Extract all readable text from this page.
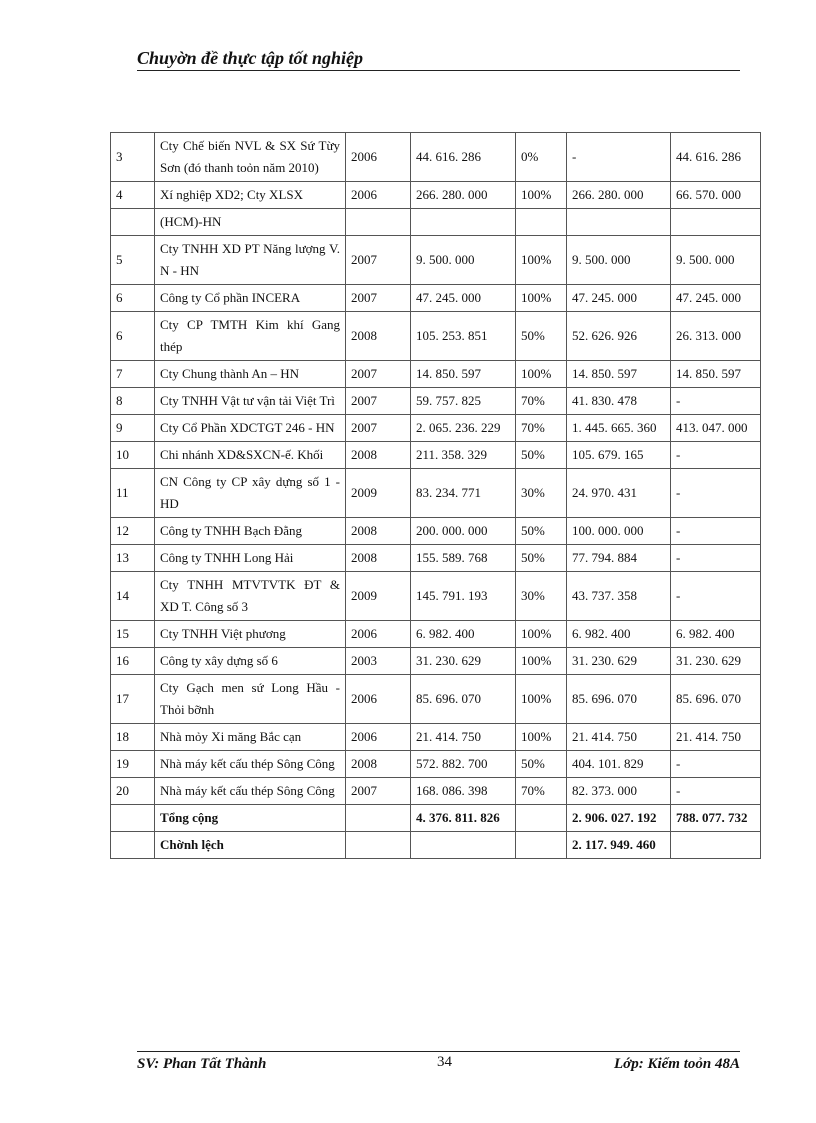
Chuyờn đề thực tập tốt nghiệp
3	Cty Chế biến NVL & SX Sứ Từy Sơn (đó thanh toỏn năm 2010)	2006	44. 616. 286	0%	-	44. 616. 286
4	Xí nghiệp XD2; Cty XLSX	2006	266. 280. 000	100%	266. 280. 000	66. 570. 000
	(HCM)-HN					
5	Cty TNHH XD PT Năng lượng V. N - HN	2007	9. 500. 000	100%	9. 500. 000	9. 500. 000
6	Công ty Cổ phần INCERA	2007	47. 245. 000	100%	47. 245. 000	47. 245. 000
6	Cty CP TMTH Kim khí Gang thép	2008	105. 253. 851	50%	52. 626. 926	26. 313. 000
7	Cty Chung thành An – HN	2007	14. 850. 597	100%	14. 850. 597	14. 850. 597
8	Cty TNHH Vật tư vận tải Việt Trì	2007	59. 757. 825	70%	41. 830. 478	-
9	Cty Cổ Phần XDCTGT 246 - HN	2007	2. 065. 236. 229	70%	1. 445. 665. 360	413. 047. 000
10	Chi nhánh XD&SXCN-ế. Khối	2008	211. 358. 329	50%	105. 679. 165	-
11	CN Công ty CP xây dựng số 1 - HD	2009	83. 234. 771	30%	24. 970. 431	-
12	Công ty TNHH Bạch Đằng	2008	200. 000. 000	50%	100. 000. 000	-
13	Công ty TNHH Long Hải	2008	155. 589. 768	50%	77. 794. 884	-
14	Cty TNHH MTVTVTK ĐT & XD T. Công số 3	2009	145. 791. 193	30%	43. 737. 358	-
15	Cty TNHH Việt phương	2006	6. 982. 400	100%	6. 982. 400	6. 982. 400
16	Công ty xây dựng số 6	2003	31. 230. 629	100%	31. 230. 629	31. 230. 629
17	Cty Gạch men sứ Long Hầu - Thỏi bỡnh	2006	85. 696. 070	100%	85. 696. 070	85. 696. 070
18	Nhà mỏy Xi măng Bắc cạn	2006	21. 414. 750	100%	21. 414. 750	21. 414. 750
19	Nhà máy kết cấu thép Sông Công	2008	572. 882. 700	50%	404. 101. 829	-
20	Nhà máy kết cấu thép Sông Công	2007	168. 086. 398	70%	82. 373. 000	-
	Tổng cộng		4. 376. 811. 826		2. 906. 027. 192	788. 077. 732
	Chờnh lệch				2. 117. 949. 460	
SV: Phan Tất Thành	34	Lớp: Kiểm toỏn 48A
